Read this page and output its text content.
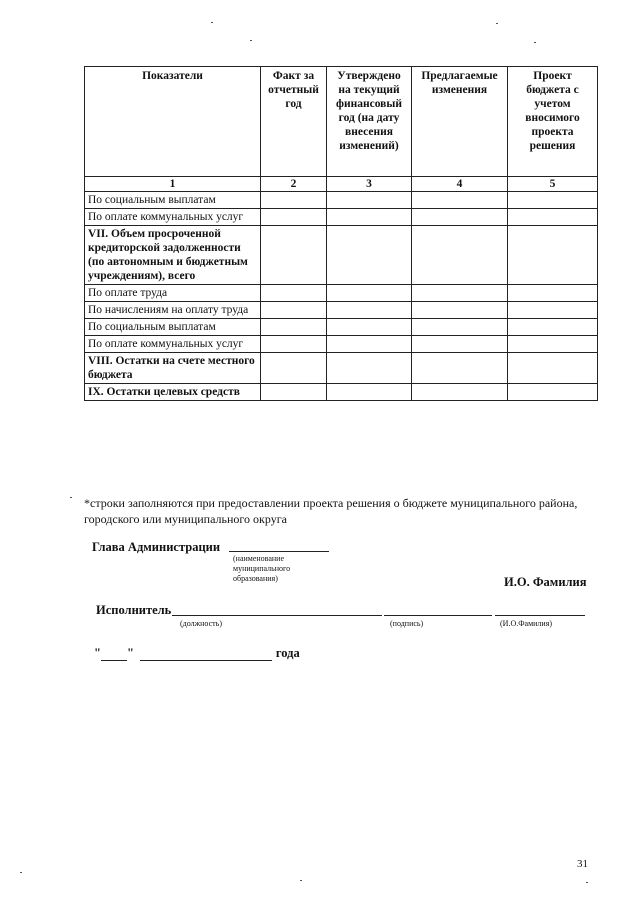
Показатели	Факт за отчетный год	Утверждено на текущий финансовый год (на дату внесения изменений)	Предлагаемые изменения	Проект бюджета с учетом вносимого проекта решения
1	2	3	4	5
По социальным выплатам				
По оплате коммунальных услуг				
VII. Объем просроченной кредиторской задолженности (по автономным и бюджетным учреждениям), всего				
По оплате труда				
По начислениям на оплату труда				
По социальным выплатам				
По оплате коммунальных услуг				
VIII. Остатки на счете местного бюджета				
IX. Остатки целевых средств				
*строки заполняются при предоставлении проекта решения о бюджете муниципального района, городского или муниципального округа
Глава Администрации
(наименование
муниципального
образования)	И.О. Фамилия
Исполнитель
(должность)	(подпись)	(И.О.Фамилия)
" "	года
31
